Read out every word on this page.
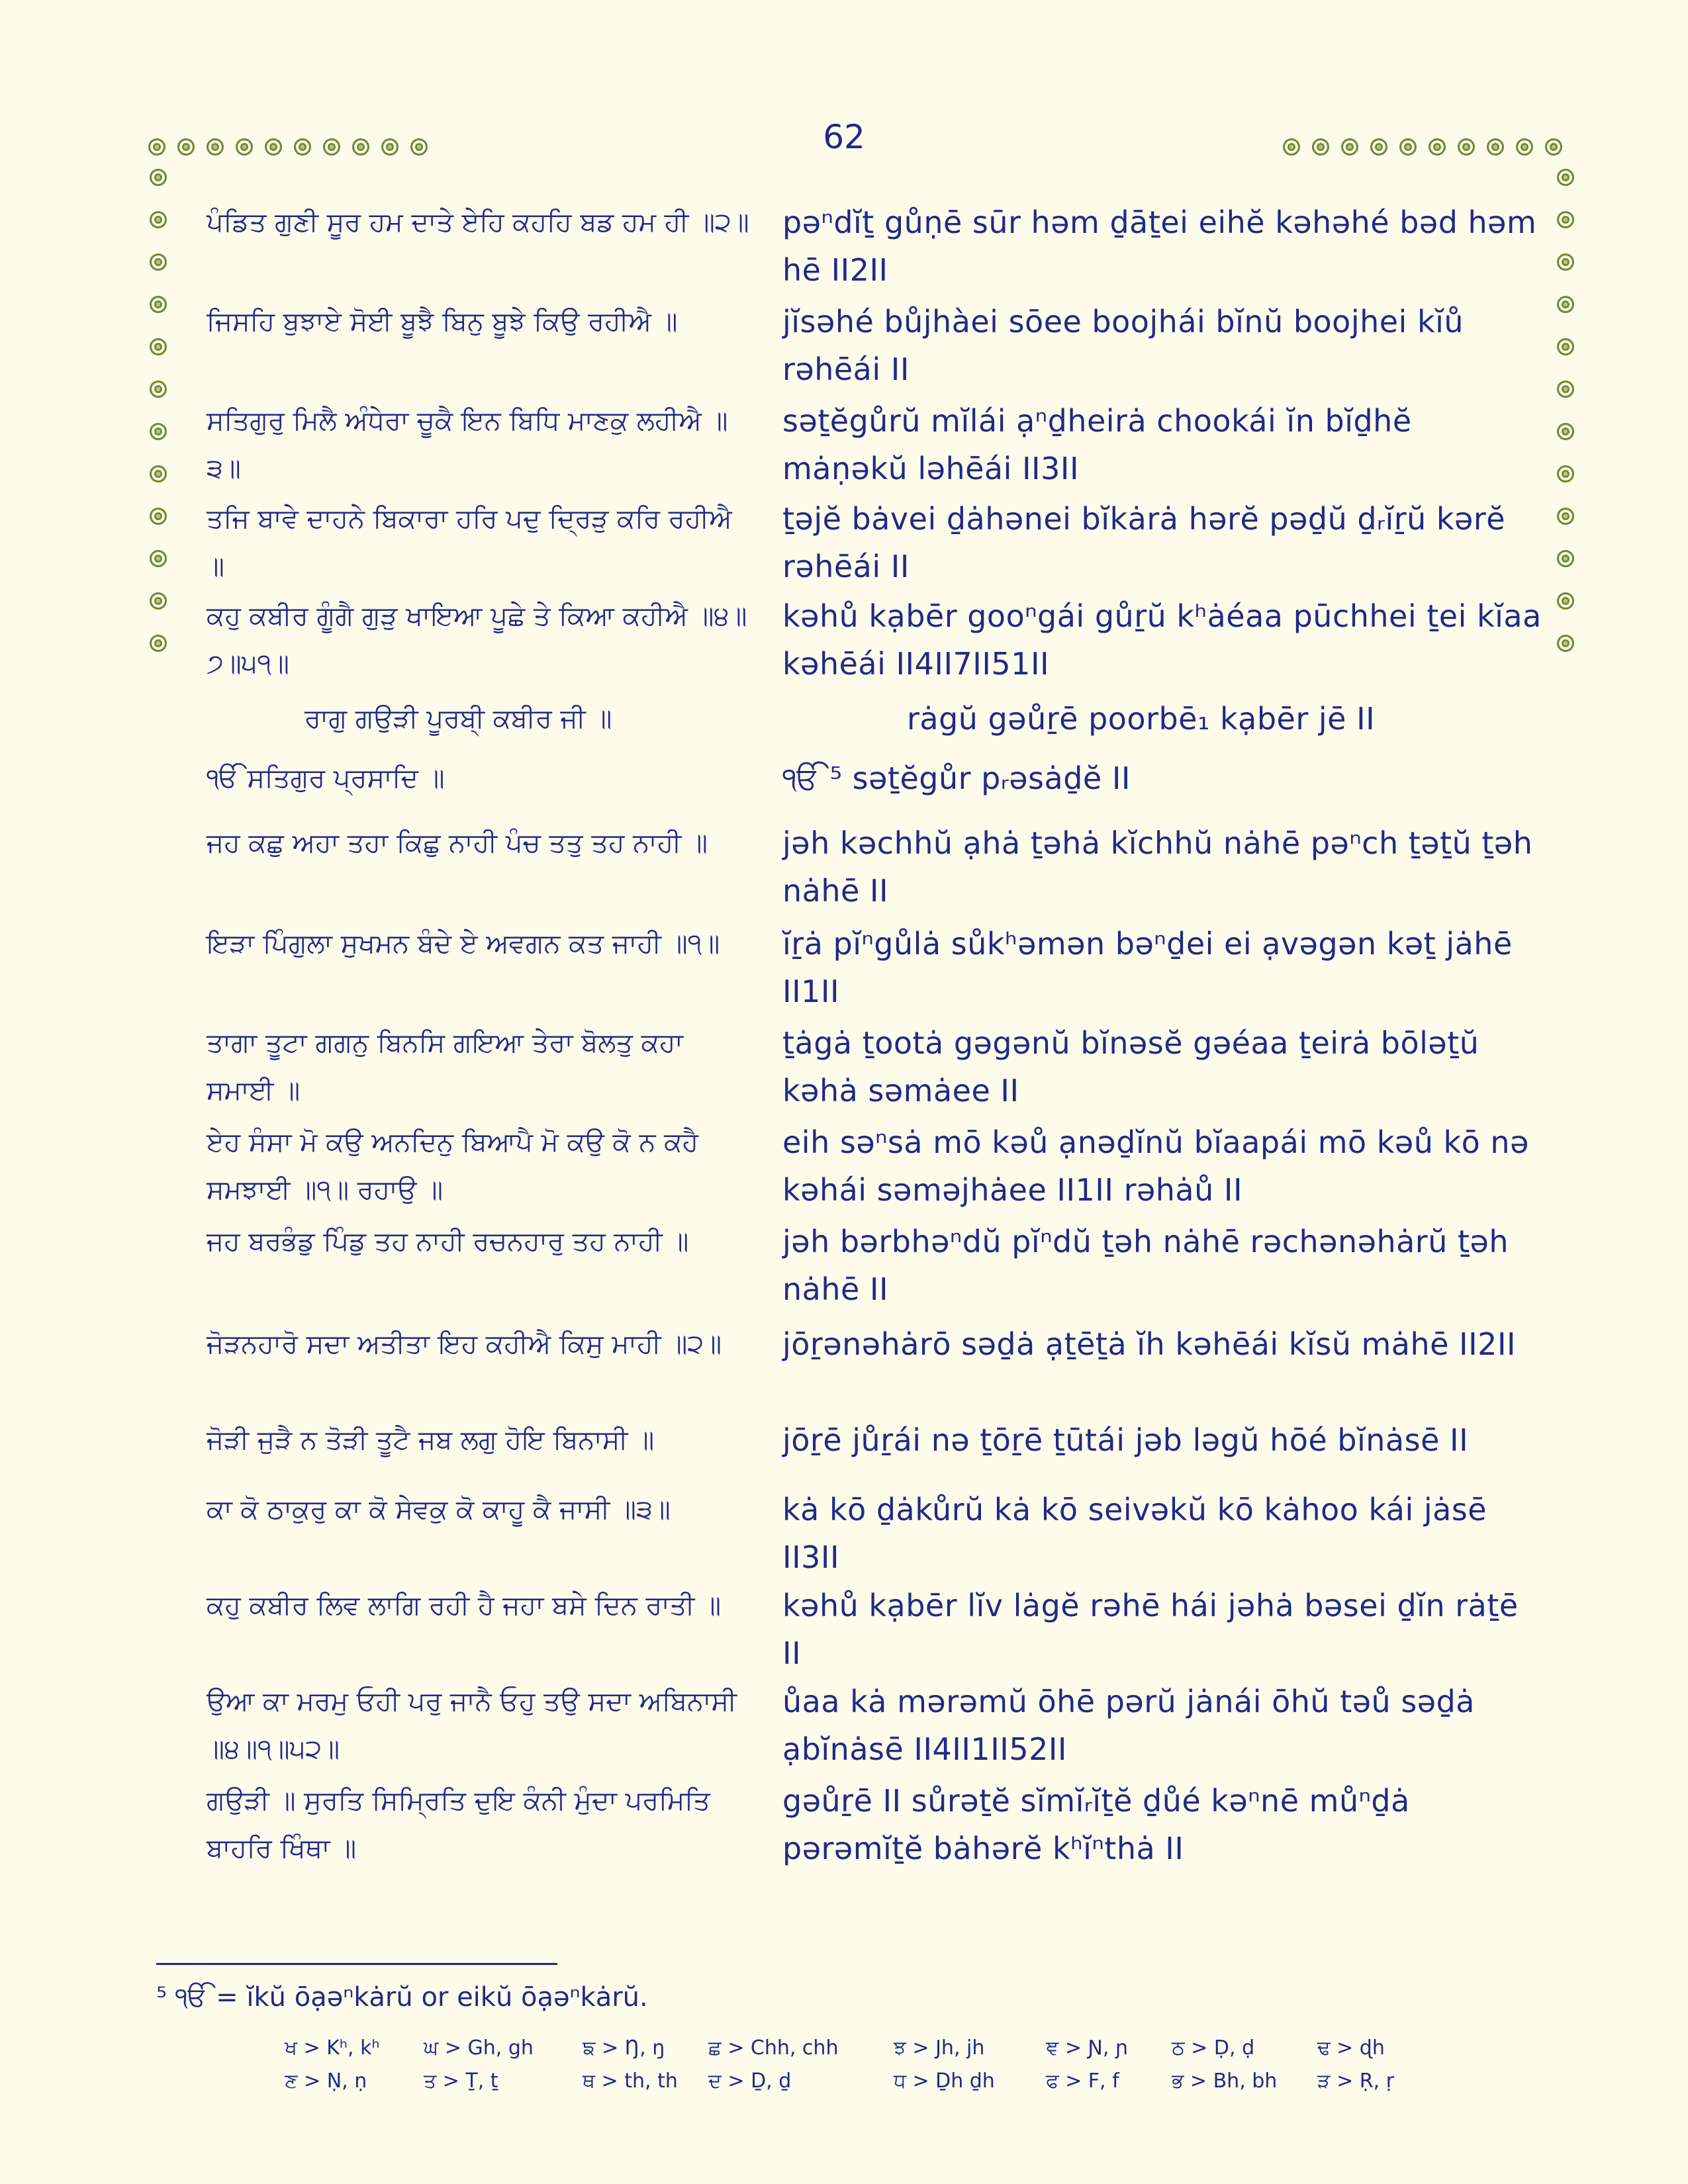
62
ਪੰਡਿਤ ਗੁਣੀ ਸੂਰ ਹਮ ਦਾਤੇ ਏਹਿ ਕਹਹਿ ਬਡ ਹਮ ਹੀ ॥੨॥ pəⁿdĭṯ gůṇē sūr həm ḏāṯei eihĕ kəhəhé bəd həm hē II2II
ਜਿਸਹਿ ਬੁਝਾਏ ਸੋਈ ਬੂਝੈ ਬਿਨੁ ਬੂਝੇ ਕਿਉ ਰਹੀਐ ॥	jĭsəhé bůjhàei sōee boojhái bĭnŭ boojhei kĭů rəhēái II
ਸਤਿਗੁਰੁ ਮਿਲੈ ਅੰਧੇਰਾ ਚੂਕੈ ਇਨ ਬਿਧਿ ਮਾਣਕੁ ਲਹੀਐ ॥੩॥
səṯĕgůrŭ mĭlái ạⁿḏheirȧ chookái ĭn bĭḏhĕ mȧṇəkŭ ləhēái II3II
ਤਜਿ ਬਾਵੇ ਦਾਹਨੇ ਬਿਕਾਰਾ ਹਰਿ ਪਦੁ ਦ੍ਰਿੜੁ ਕਰਿ ਰਹੀਐ ॥
ṯəjĕ bȧvei ḏȧhənei bĭkȧrȧ hərĕ pəḏŭ ḏᵣĭṟŭ kərĕ rəhēái II
ਕਹੁ ਕਬੀਰ ਗੂੰਗੈ ਗੁੜੁ ਖਾਇਆ ਪੂਛੇ ਤੇ ਕਿਆ ਕਹੀਐ ॥੪॥੭॥੫੧॥
kəhů kạbēr gooⁿgái gůṟŭ kʰȧéaa pūchhei ṯei kĭaa kəhēái II4II7II51II
ਰਾਗੁ ਗਉੜੀ ਪੂਰਬੀ੍ ਕਬੀਰ ਜੀ ॥	rȧgŭ gəůṟē poorbē₁ kạbēr jē II
ੴ ਸਤਿਗੁਰ ਪ੍ਰਸਾਦਿ ॥	ੴ ⁵ səṯĕgůr pᵣəsȧḏĕ II
ਜਹ ਕਛੁ ਅਹਾ ਤਹਾ ਕਿਛੁ ਨਾਹੀ ਪੰਚ ਤਤੁ ਤਹ ਨਾਹੀ ॥	jəh kəchhŭ ạhȧ ṯəhȧ kĭchhŭ nȧhē pəⁿch ṯəṯŭ ṯəh nȧhē II
ਇੜਾ ਪਿੰਗੁਲਾ ਸੁਖਮਨ ਬੰਦੇ ਏ ਅਵਗਨ ਕਤ ਜਾਹੀ ॥੧॥	ĭṟȧ pĭⁿgůlȧ sůkʰəmən bəⁿḏei ei ạvəgən kəṯ jȧhē II1II
ਤਾਗਾ ਤੂਟਾ ਗਗਨੁ ਬਿਨਸਿ ਗਇਆ ਤੇਰਾ ਬੋਲਤੁ ਕਹਾ ਸਮਾਈ ॥
ṯȧgȧ ṯootȧ gəgənŭ bĭnəsĕ gəéaa ṯeirȧ bōləṯŭ kəhȧ səmȧee II
ਏਹ ਸੰਸਾ ਮੋ ਕਉ ਅਨਦਿਨੁ ਬਿਆਪੈ ਮੋ ਕਉ ਕੋ ਨ ਕਹੈ ਸਮਝਾਈ ॥੧॥ ਰਹਾਉ ॥
eih səⁿsȧ mō kəů ạnəḏĭnŭ bĭaapái mō kəů kō nə kəhái səməjhȧee II1II rəhȧů II
ਜਹ ਬਰਭੰਡੁ ਪਿੰਡੁ ਤਹ ਨਾਹੀ ਰਚਨਹਾਰੁ ਤਹ ਨਾਹੀ ॥	jəh bərbhəⁿdŭ pĭⁿdŭ ṯəh nȧhē rəchənəhȧrŭ ṯəh nȧhē II
ਜੋੜਨਹਾਰੋ ਸਦਾ ਅਤੀਤਾ ਇਹ ਕਹੀਐ ਕਿਸੁ ਮਾਹੀ ॥੨॥	jōṟənəhȧrō səḏȧ ạṯēṯȧ ĭh kəhēái kĭsŭ mȧhē II2II
ਜੋੜੀ ਜੁੜੈ ਨ ਤੋੜੀ ਤੂਟੈ ਜਬ ਲਗੁ ਹੋਇ ਬਿਨਾਸੀ ॥	jōṟē jůṟái nə ṯōṟē ṯūtái jəb ləgŭ hōé bĭnȧsē II
ਕਾ ਕੋ ਠਾਕੁਰੁ ਕਾ ਕੋ ਸੇਵਕੁ ਕੋ ਕਾਹੂ ਕੈ ਜਾਸੀ ॥੩॥	kȧ kō ḏȧkůrŭ kȧ kō seivəkŭ kō kȧhoo kái jȧsē II3II
ਕਹੁ ਕਬੀਰ ਲਿਵ ਲਾਗਿ ਰਹੀ ਹੈ ਜਹਾ ਬਸੇ ਦਿਨ ਰਾਤੀ ॥	kəhů kạbēr lĭv lȧgĕ rəhē hái jəhȧ bəsei ḏĭn rȧṯē II
ਉਆ ਕਾ ਮਰਮੁ ਓਹੀ ਪਰੁ ਜਾਨੈ ਓਹੁ ਤਉ ਸਦਾ ਅਬਿਨਾਸੀ ॥੪॥੧॥੫੨॥
ůaa kȧ mərəmŭ ōhē pərŭ jȧnái ōhŭ təů səḏȧ ạbĭnȧsē II4II1II52II
ਗਉੜੀ ॥ ਸੁਰਤਿ ਸਿਮ੍ਰਿਤਿ ਦੁਇ ਕੰਨੀ ਮੁੰਦਾ ਪਰਮਿਤਿ ਬਾਹਰਿ ਖਿੰਥਾ ॥
gəůṟē II sůrəṯĕ sĭmĭᵣĭṯĕ ḏůé kəⁿnē můⁿḏȧ pərəmĭṯĕ bȧhərĕ kʰĭⁿthȧ II
⁵ ੴ = ĭkŭ ōạəⁿkȧrŭ or eikŭ ōạəⁿkȧrŭ.
ਖ > Kʰ, kʰ ਘ > Gh, gh ਙ > Ŋ, ŋ ਛ > Chh, chh	ਝ > Jh, jh	ਞ > Ɲ, ɲ ਠ > Ḍ, ḍ	ਢ > ɖh
ਣ > Ṇ, ṇ	ਤ > Ṯ, ṯ	ਥ > th, th ਦ > Ḏ, ḏ	ਧ > Ḏh ḏh	ਫ > F, f	ਭ > Bh, bh ੜ > Ṛ, ṛ
